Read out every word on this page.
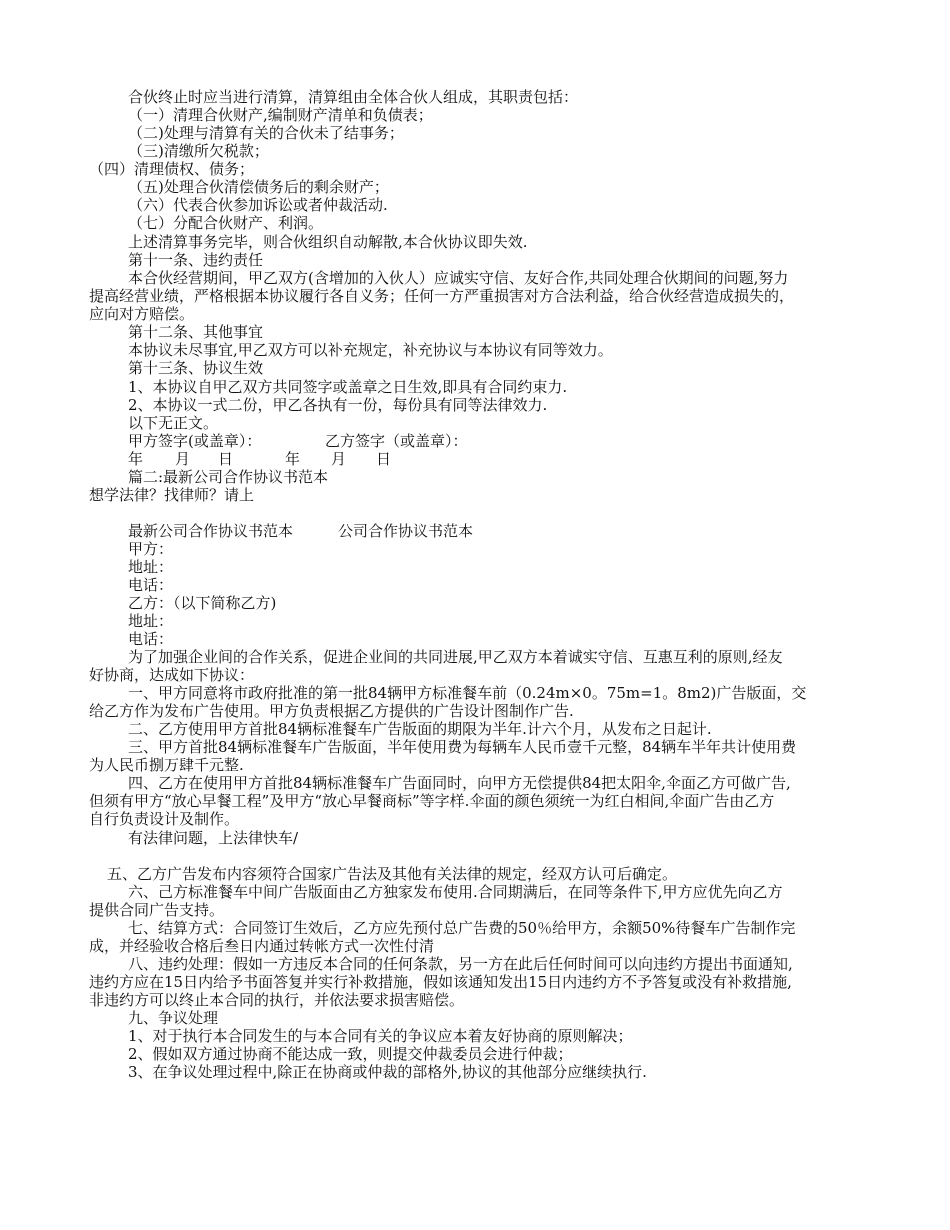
合伙终止时应当进行清算，清算组由全体合伙人组成，其职责包括：
（一）清理合伙财产,编制财产清单和负债表；
（二)处理与清算有关的合伙未了结事务；
（三)清缴所欠税款；
（四）清理债权、债务；
（五)处理合伙清偿债务后的剩余财产；
（六）代表合伙参加诉讼或者仲裁活动.
（七）分配合伙财产、利润。
上述清算事务完毕，则合伙组织自动解散,本合伙协议即失效.
第十一条、违约责任
本合伙经营期间，甲乙双方(含增加的入伙人）应诚实守信、友好合作,共同处理合伙期间的问题,努力
提高经营业绩，严格根据本协议履行各自义务；任何一方严重损害对方合法利益，给合伙经营造成损失的，
应向对方赔偿。
第十二条、其他事宜
本协议未尽事宜,甲乙双方可以补充规定，补充协议与本协议有同等效力。
第十三条、协议生效
1、本协议自甲乙双方共同签字或盖章之日生效,即具有合同约束力.
2、本协议一式二份，甲乙各执有一份，每份具有同等法律效力.
以下无正文。
甲方签字(或盖章）：	乙方签字（或盖章）：
年 月 日	年 月 日
篇二:最新公司合作协议书范本
想学法律？找律师？请上
最新公司合作协议书范本	公司合作协议书范本
甲方：
地址：
电话：
乙方：（以下简称乙方)
地址：
电话：
为了加强企业间的合作关系，促进企业间的共同进展,甲乙双方本着诚实守信、互惠互利的原则,经友
好协商，达成如下协议：
一、甲方同意将市政府批准的第一批84辆甲方标准餐车前（0.24m×0。75m=1。8m2)广告版面，交
给乙方作为发布广告使用。甲方负责根据乙方提供的广告设计图制作广告.
二、乙方使用甲方首批84辆标准餐车广告版面的期限为半年.计六个月，从发布之日起计.
三、甲方首批84辆标准餐车广告版面，半年使用费为每辆车人民币壹千元整，84辆车半年共计使用费
为人民币捌万肆千元整.
四、乙方在使用甲方首批84辆标准餐车广告面同时，向甲方无偿提供84把太阳伞,伞面乙方可做广告,
但须有甲方“放心早餐工程”及甲方“放心早餐商标”等字样.伞面的颜色须统一为红白相间,伞面广告由乙方
自行负责设计及制作。
有法律问题，上法律快车/
五、乙方广告发布内容须符合国家广告法及其他有关法律的规定，经双方认可后确定。
六、己方标准餐车中间广告版面由乙方独家发布使用.合同期满后，在同等条件下,甲方应优先向乙方
提供合同广告支持。
七、结算方式：合同签订生效后，乙方应先预付总广告费的50％给甲方，余额50%待餐车广告制作完
成，并经验收合格后叁日内通过转帐方式一次性付清
八、违约处理：假如一方违反本合同的任何条款，另一方在此后任何时间可以向违约方提出书面通知,
违约方应在15日内给予书面答复并实行补救措施，假如该通知发出15日内违约方不予答复或没有补救措施,
非违约方可以终止本合同的执行，并依法要求损害赔偿。
九、争议处理
1、对于执行本合同发生的与本合同有关的争议应本着友好协商的原则解决；
2、假如双方通过协商不能达成一致，则提交仲裁委员会进行仲裁；
3、在争议处理过程中,除正在协商或仲裁的部格外,协议的其他部分应继续执行.
